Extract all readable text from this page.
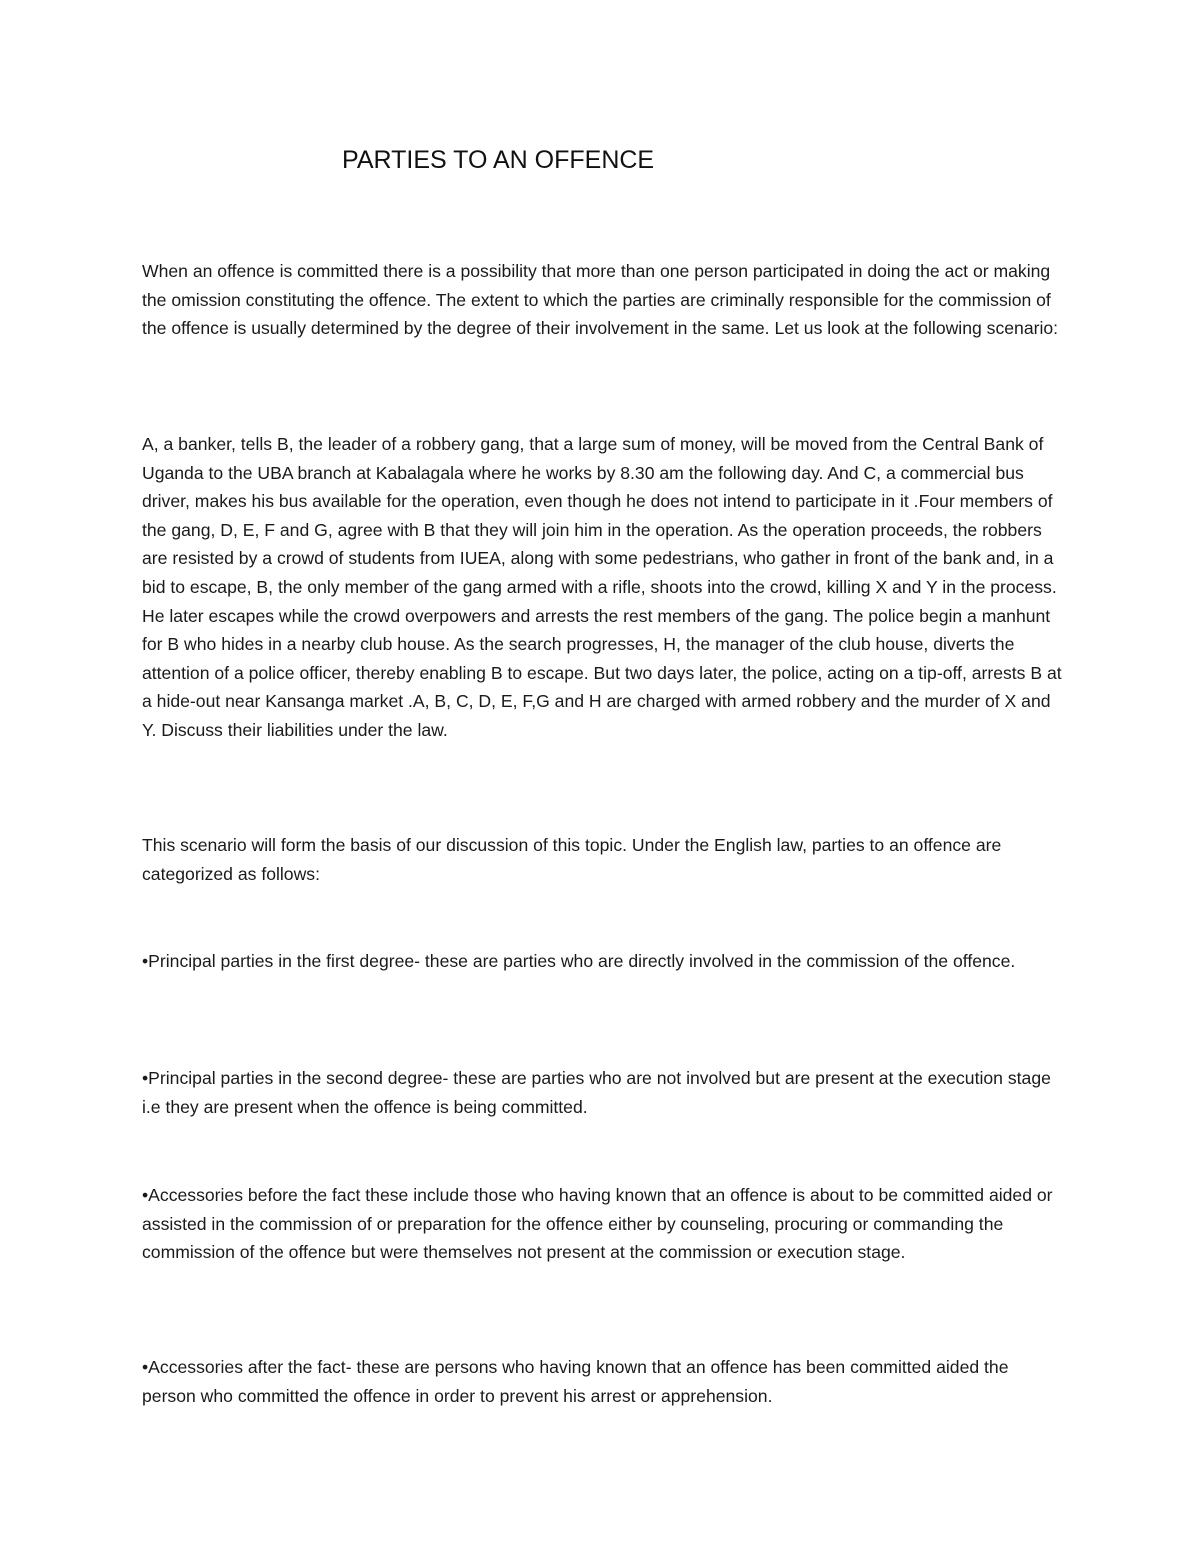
PARTIES TO AN OFFENCE

When an offence is committed there is a possibility that more than one person participated in doing the act or making the omission constituting the offence. The extent to which the parties are criminally responsible for the commission of the offence is usually determined by the degree of their involvement in the same. Let us look at the following scenario:

A, a banker, tells B, the leader of a robbery gang, that a large sum of money, will be moved from the Central Bank of Uganda to the UBA branch at Kabalagala where he works by 8.30 am the following day. And C, a commercial bus driver, makes his bus available for the operation, even though he does not intend to participate in it .Four members of the gang, D, E, F and G, agree with B that they will join him in the operation. As the operation proceeds, the robbers are resisted by a crowd of students from IUEA, along with some pedestrians, who gather in front of the bank and, in a bid to escape, B, the only member of the gang armed with a rifle, shoots into the crowd, killing X and Y in the process. He later escapes while the crowd overpowers and arrests the rest members of the gang. The police begin a manhunt for B who hides in a nearby club house. As the search progresses, H, the manager of the club house, diverts the attention of a police officer, thereby enabling B to escape. But two days later, the police, acting on a tip-off, arrests B at a hide-out near Kansanga market .A, B, C, D, E, F,G and H are charged with armed robbery and the murder of X and Y. Discuss their liabilities under the law.

This scenario will form the basis of our discussion of this topic. Under the English law, parties to an offence are categorized as follows:

•Principal parties in the first degree- these are parties who are directly involved in the commission of the offence.

•Principal parties in the second degree- these are parties who are not involved but are present at the execution stage i.e they are present when the offence is being committed.

•Accessories before the fact these include those who having known that an offence is about to be committed aided or assisted in the commission of or preparation for the offence either by counseling, procuring or commanding the commission of the offence but were themselves not present at the commission or execution stage.

•Accessories after the fact- these are persons who having known that an offence has been committed aided the person who committed the offence in order to prevent his arrest or apprehension.
